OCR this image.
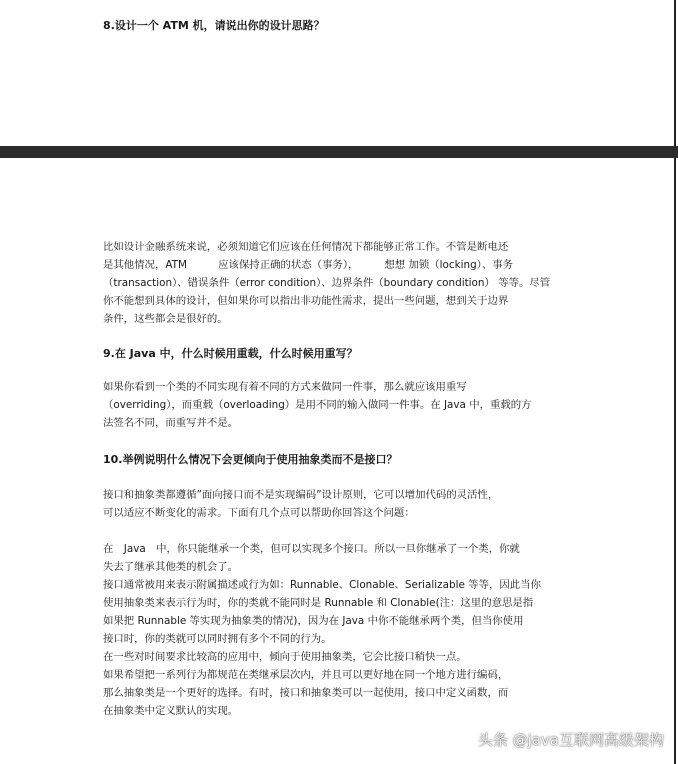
8.设计一个 ATM 机，请说出你的设计思路？

比如设计金融系统来说，必须知道它们应该在任何情况下都能够正常工作。不管是断电还

是其他情况，ATM　　　应该保持正确的状态（事务），　　　想想 加锁（locking）、事务

（transaction）、错误条件（error condition）、边界条件（boundary condition） 等等。尽管

你不能想到具体的设计，但如果你可以指出非功能性需求，提出一些问题，想到关于边界

条件，这些都会是很好的。

9.在 Java 中，什么时候用重载，什么时候用重写？

如果你看到一个类的不同实现有着不同的方式来做同一件事，那么就应该用重写

（overriding），而重载（overloading）是用不同的输入做同一件事。在 Java 中，重载的方

法签名不同，而重写并不是。

10.举例说明什么情况下会更倾向于使用抽象类而不是接口？

接口和抽象类都遵循”面向接口而不是实现编码”设计原则，它可以增加代码的灵活性，

可以适应不断变化的需求。下面有几个点可以帮助你回答这个问题：

在　Java　中，你只能继承一个类，但可以实现多个接口。所以一旦你继承了一个类，你就

失去了继承其他类的机会了。

接口通常被用来表示附属描述或行为如：Runnable、Clonable、Serializable 等等，因此当你

使用抽象类来表示行为时，你的类就不能同时是 Runnable 和 Clonable(注：这里的意思是指

如果把 Runnable 等实现为抽象类的情况)，因为在 Java 中你不能继承两个类，但当你使用

接口时，你的类就可以同时拥有多个不同的行为。

在一些对时间要求比较高的应用中，倾向于使用抽象类，它会比接口稍快一点。

如果希望把一系列行为都规范在类继承层次内，并且可以更好地在同一个地方进行编码，

那么抽象类是一个更好的选择。有时，接口和抽象类可以一起使用，接口中定义函数，而

在抽象类中定义默认的实现。

头条 @java互联网高级架构
